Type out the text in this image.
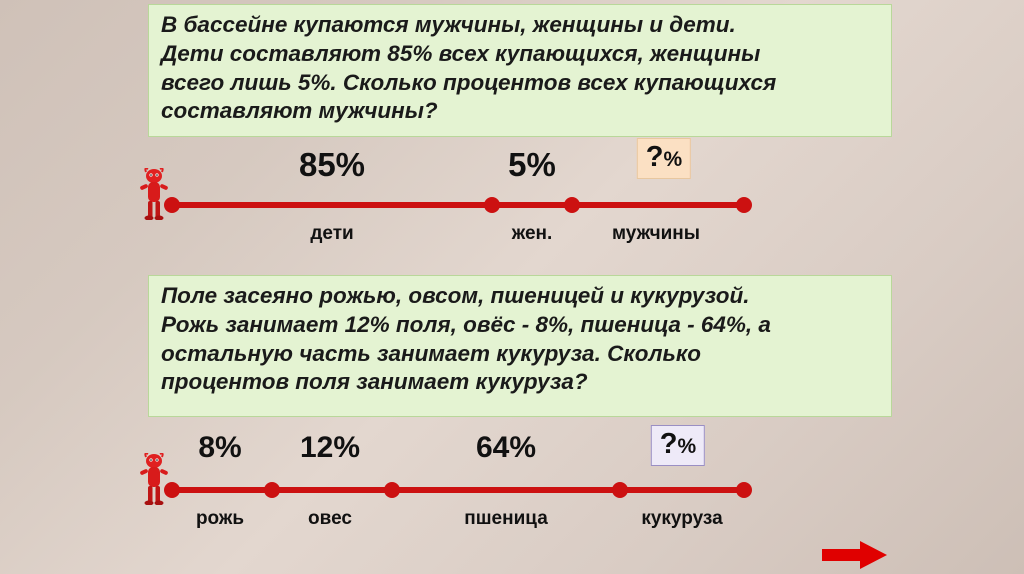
В бассейне купаются мужчины, женщины и дети.

Дети составляют 85% всех купающихся, женщины

всего лишь 5%. Сколько процентов всех купающихся

составляют мужчины?

85%
дети
5%
жен.
?%
мужчины

Поле засеяно рожью, овсом, пшеницей и кукурузой.

Рожь занимает 12% поля, овёс - 8%, пшеница - 64%, а

остальную часть занимает кукуруза. Сколько

процентов поля занимает кукуруза?

8%
рожь
12%
овес
64%
пшеница
?%
кукуруза
